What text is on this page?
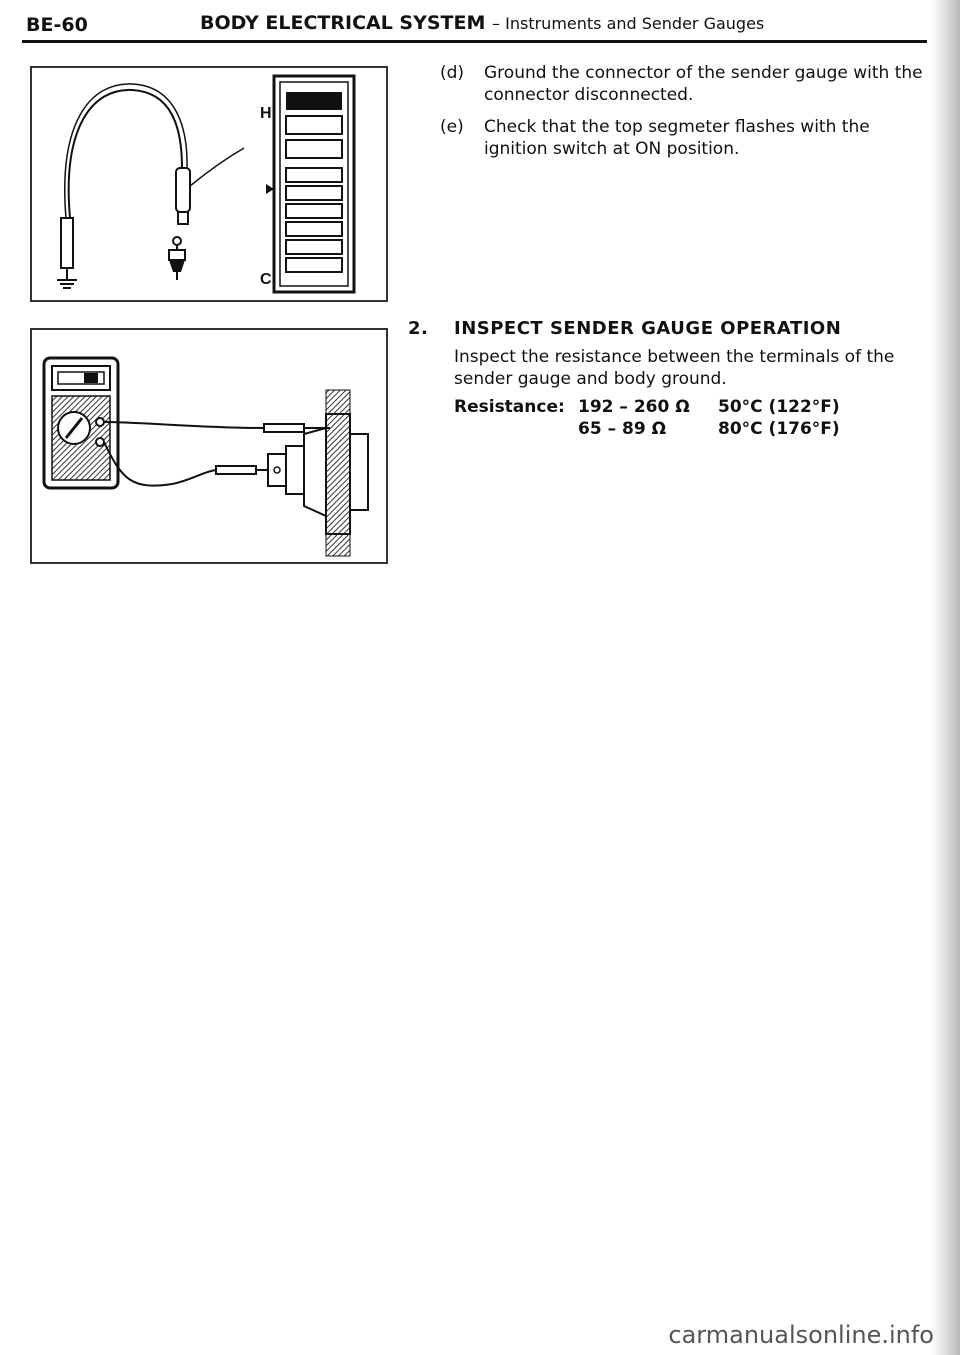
BE-60	BODY ELECTRICAL SYSTEM – Instruments and Sender Gauges
H
C
(d)	Ground the connector of the sender gauge with the connector disconnected.
(e)	Check that the top segmeter flashes with the ignition switch at ON position.
2.	INSPECT SENDER GAUGE OPERATION
Inspect the resistance between the terminals of the sender gauge and body ground.
Resistance: 192 – 260 Ω	50°C (122°F)
65 – 89 Ω	80°C (176°F)
carmanualsonline.info
